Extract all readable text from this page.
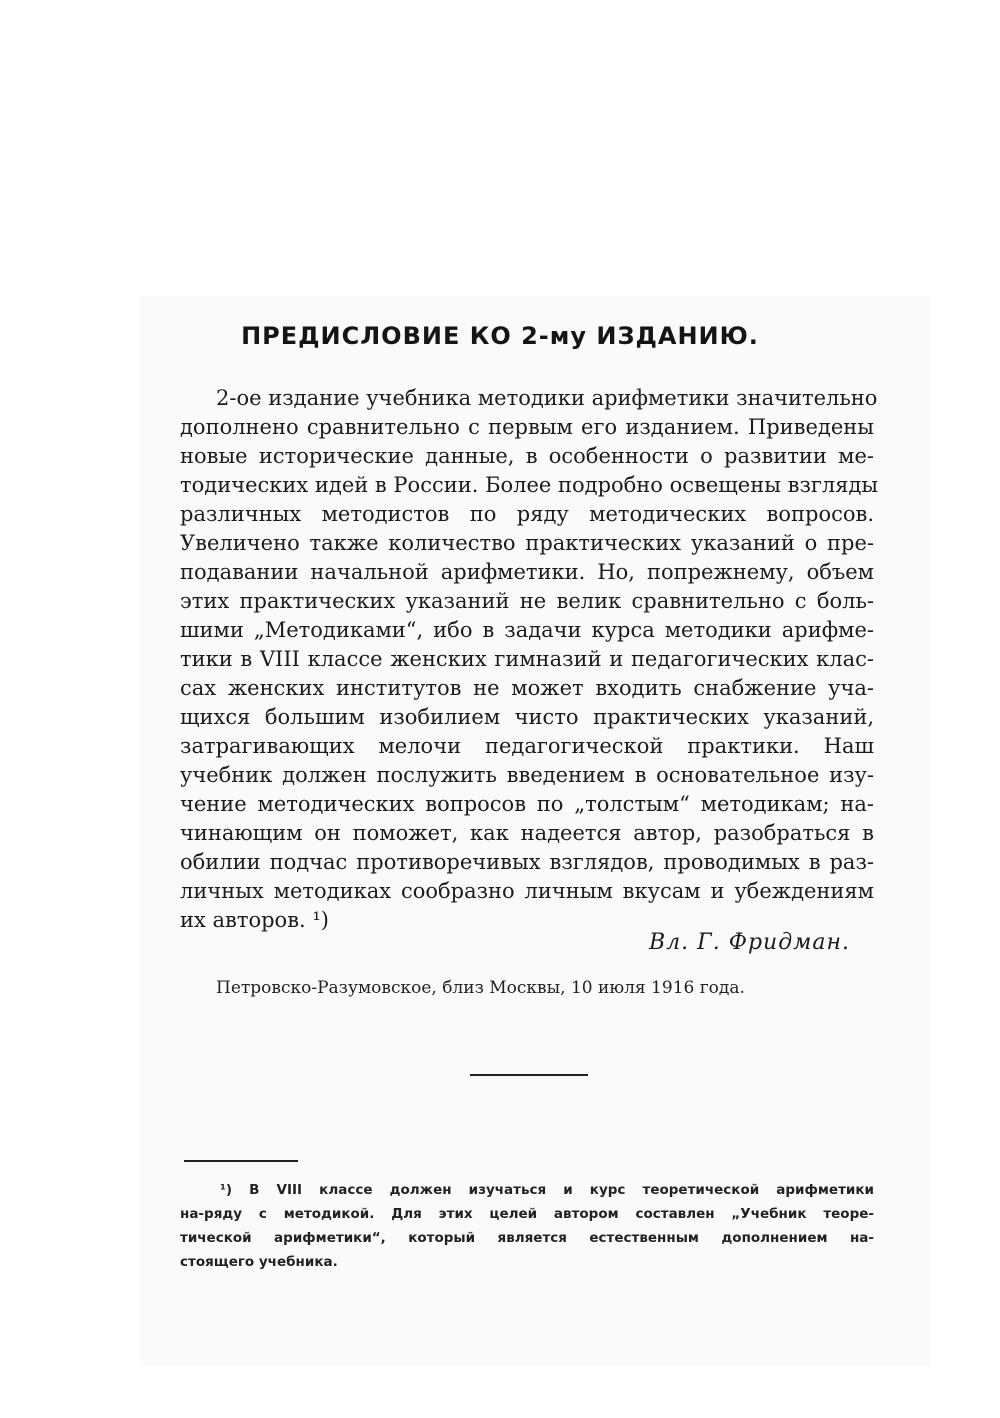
ПРЕДИСЛОВИЕ КО 2-му ИЗДАНИЮ.
2-ое издание учебника методики арифметики значительно
дополнено сравнительно с первым его изданием. Приведены
новые исторические данные, в особенности о развитии ме-
тодических идей в России. Более подробно освещены взгляды
различных методистов по ряду методических вопросов.
Увеличено также количество практических указаний о пре-
подавании начальной арифметики. Но, попрежнему, объем
этих практических указаний не велик сравнительно с боль-
шими „Методиками“, ибо в задачи курса методики арифме-
тики в VIII классе женских гимназий и педагогических клас-
сах женских институтов не может входить снабжение уча-
щихся большим изобилием чисто практических указаний,
затрагивающих мелочи педагогической практики. Наш
учебник должен послужить введением в основательное изу-
чение методических вопросов по „толстым“ методикам; на-
чинающим он поможет, как надеется автор, разобраться в
обилии подчас противоречивых взглядов, проводимых в раз-
личных методиках сообразно личным вкусам и убеждениям
их авторов. ¹)
Вл. Г. Фридман.
Петровско-Разумовское, близ Москвы, 10 июля 1916 года.
¹) В VIII классе должен изучаться и курс теоретической арифметики
на-ряду с методикой. Для этих целей автором составлен „Учебник теоре-
тической арифметики“, который является естественным дополнением на-
стоящего учебника.
